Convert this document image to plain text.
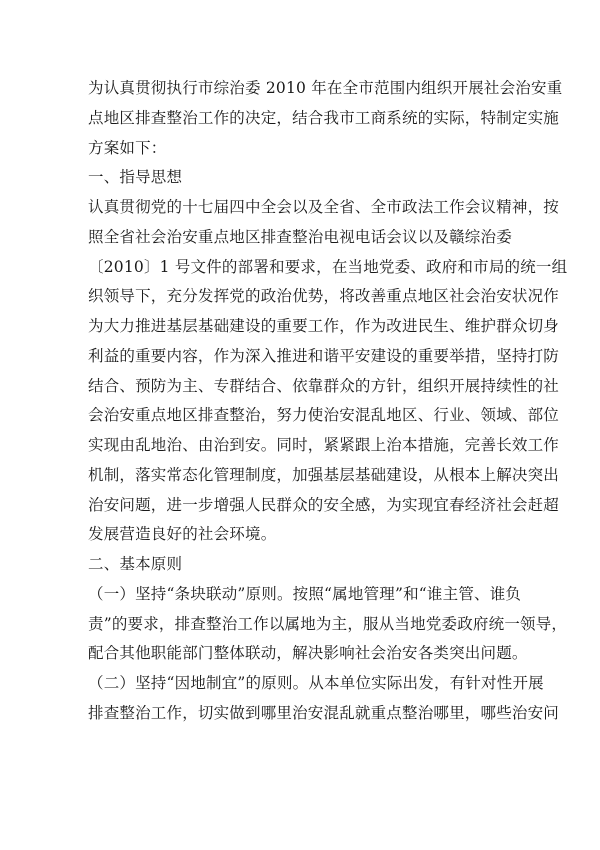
为认真贯彻执行市综治委 2010 年在全市范围内组织开展社会治安重
点地区排查整治工作的决定，结合我市工商系统的实际，特制定实施
方案如下：
一、指导思想
认真贯彻党的十七届四中全会以及全省、全市政法工作会议精神，按
照全省社会治安重点地区排查整治电视电话会议以及赣综治委
〔2010〕1 号文件的部署和要求，在当地党委、政府和市局的统一组
织领导下，充分发挥党的政治优势，将改善重点地区社会治安状况作
为大力推进基层基础建设的重要工作，作为改进民生、维护群众切身
利益的重要内容，作为深入推进和谐平安建设的重要举措，坚持打防
结合、预防为主、专群结合、依靠群众的方针，组织开展持续性的社
会治安重点地区排查整治，努力使治安混乱地区、行业、领域、部位
实现由乱地治、由治到安。同时，紧紧跟上治本措施，完善长效工作
机制，落实常态化管理制度，加强基层基础建设，从根本上解决突出
治安问题，进一步增强人民群众的安全感，为实现宜春经济社会赶超
发展营造良好的社会环境。
二、基本原则
（一）坚持“条块联动”原则。按照“属地管理”和“谁主管、谁负
责”的要求，排查整治工作以属地为主，服从当地党委政府统一领导，
配合其他职能部门整体联动，解决影响社会治安各类突出问题。
（二）坚持“因地制宜”的原则。从本单位实际出发，有针对性开展
排查整治工作，切实做到哪里治安混乱就重点整治哪里，哪些治安问
